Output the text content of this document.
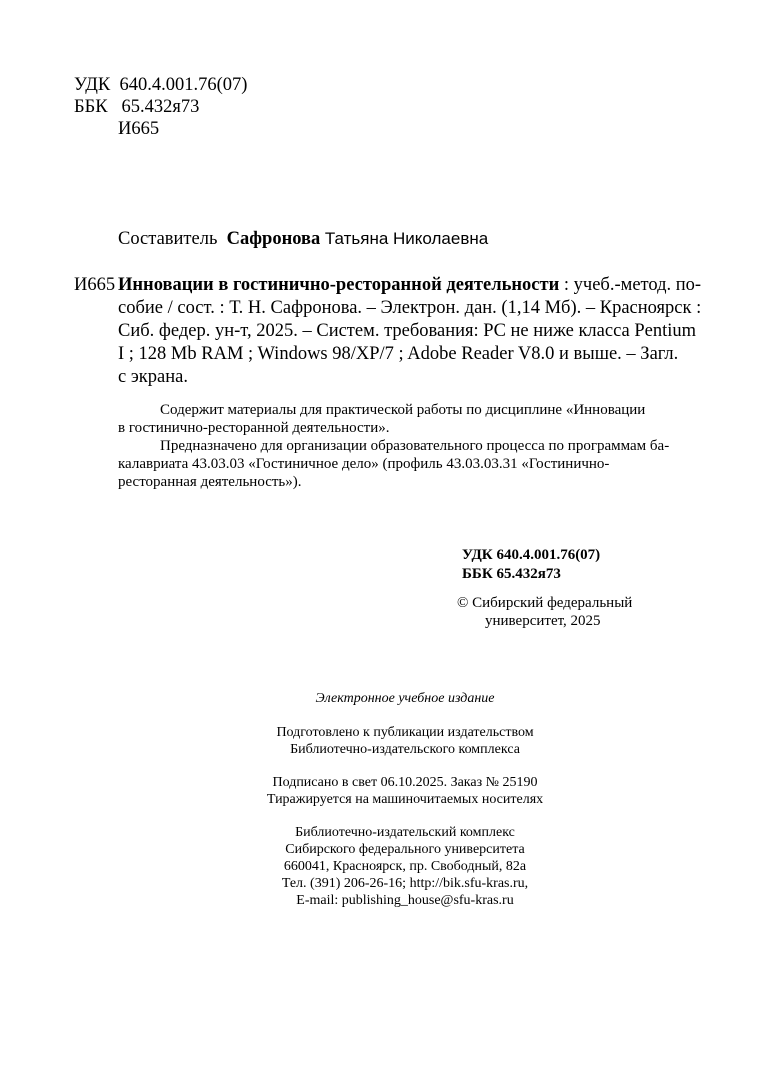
УДК 640.4.001.76(07)
ББК 65.432я73
И665
Составитель Сафронова Татьяна Николаевна
И665 Инновации в гостинично-ресторанной деятельности : учеб.-метод. по-
собие / сост. : Т. Н. Сафронова. – Электрон. дан. (1,14 Мб). – Красноярск :
Сиб. федер. ун-т, 2025. – Систем. требования: PC не ниже класса Pentium
I ; 128 Mb RAM ; Windows 98/XP/7 ; Adobe Reader V8.0 и выше. – Загл.
с экрана.
Содержит материалы для практической работы по дисциплине «Инновации
в гостинично-ресторанной деятельности».
Предназначено для организации образовательного процесса по программам ба-
калавриата 43.03.03 «Гостиничное дело» (профиль 43.03.03.31 «Гостинично-
ресторанная деятельность»).
УДК 640.4.001.76(07)
ББК 65.432я73
© Сибирский федеральный
университет, 2025
Электронное учебное издание
Подготовлено к публикации издательством
Библиотечно-издательского комплекса
Подписано в свет 06.10.2025. Заказ № 25190
Тиражируется на машиночитаемых носителях
Библиотечно-издательский комплекс
Сибирского федерального университета
660041, Красноярск, пр. Свободный, 82а
Тел. (391) 206-26-16; http://bik.sfu-kras.ru,
E-mail: publishing_house@sfu-kras.ru
